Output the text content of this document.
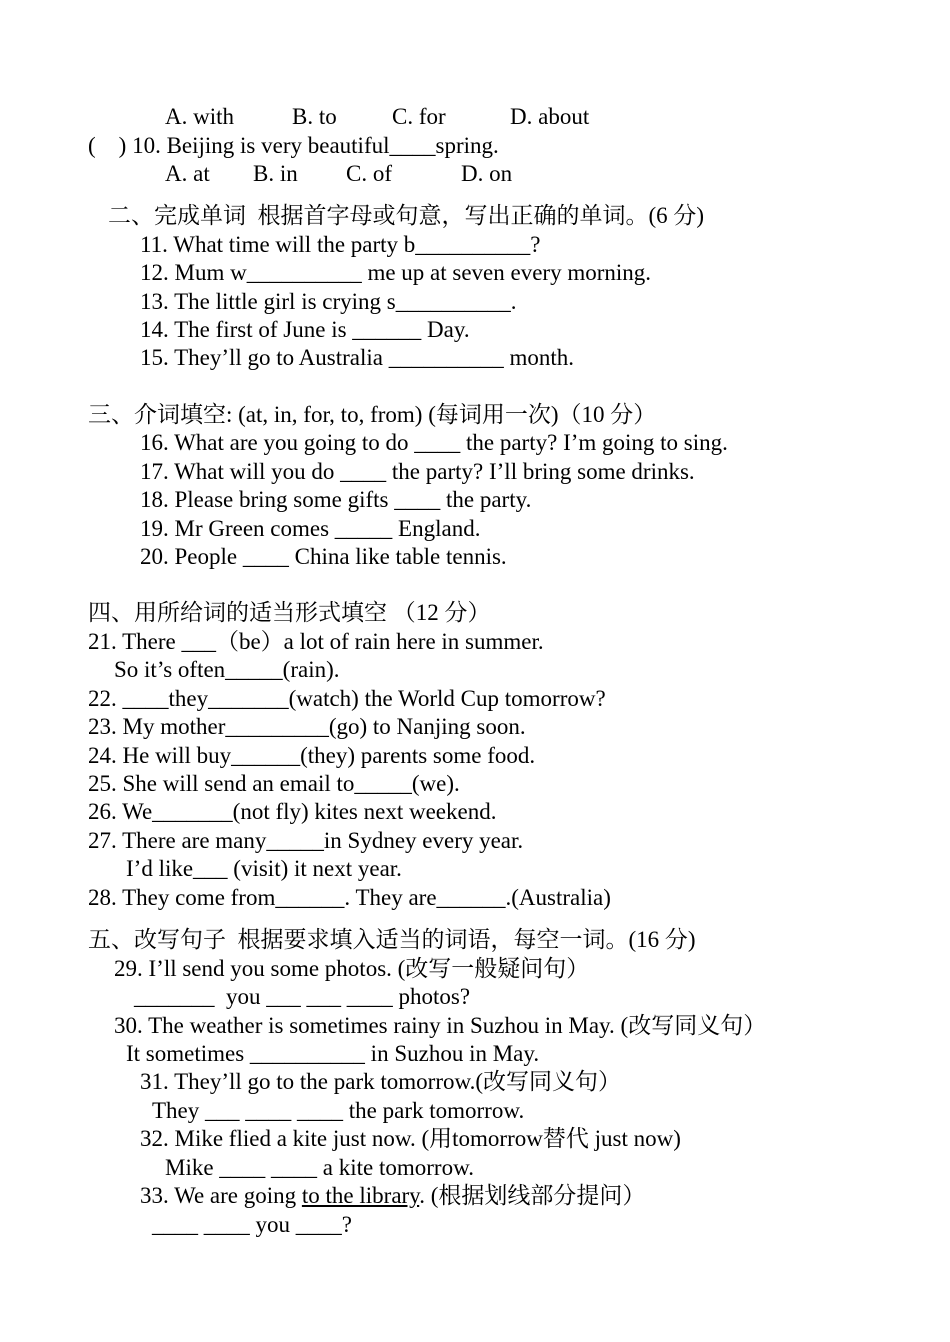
A. with	B. to C. for	D. about
(    ) 10. Beijing is very beautiful____spring.
A. at B. in C. of	D. on
二、完成单词  根据首字母或句意，写出正确的单词。(6 分)
11. What time will the party b__________?
12. Mum w__________ me up at seven every morning.
13. The little girl is crying s__________.
14. The first of June is ______ Day.
15. They’ll go to Australia __________ month.
三、介词填空: (at, in, for, to, from) (每词用一次)（10 分）
16. What are you going to do ____ the party? I’m going to sing.
17. What will you do ____ the party? I’ll bring some drinks.
18. Please bring some gifts ____ the party.
19. Mr Green comes _____ England.
20. People ____ China like table tennis.
四、用所给词的适当形式填空 （12 分）
21. There ___（be）a lot of rain here in summer.
So it’s often_____(rain).
22. ____they_______(watch) the World Cup tomorrow?
23. My mother_________(go) to Nanjing soon.
24. He will buy______(they) parents some food.
25. She will send an email to_____(we).
26. We_______(not fly) kites next weekend.
27. There are many_____in Sydney every year.
I’d like___ (visit) it next year.
28. They come from______. They are______.(Australia)
五、改写句子  根据要求填入适当的词语，每空一词。(16 分)
29. I’ll send you some photos. (改写一般疑问句）
_______  you ___ ___ ____ photos?
30. The weather is sometimes rainy in Suzhou in May. (改写同义句）
It sometimes __________ in Suzhou in May.
31. They’ll go to the park tomorrow.(改写同义句）
They ___ ____ ____ the park tomorrow.
32. Mike flied a kite just now. (用tomorrow替代 just now)
Mike ____ ____ a kite tomorrow.
33. We are going to the library. (根据划线部分提问）
____ ____ you ____?
